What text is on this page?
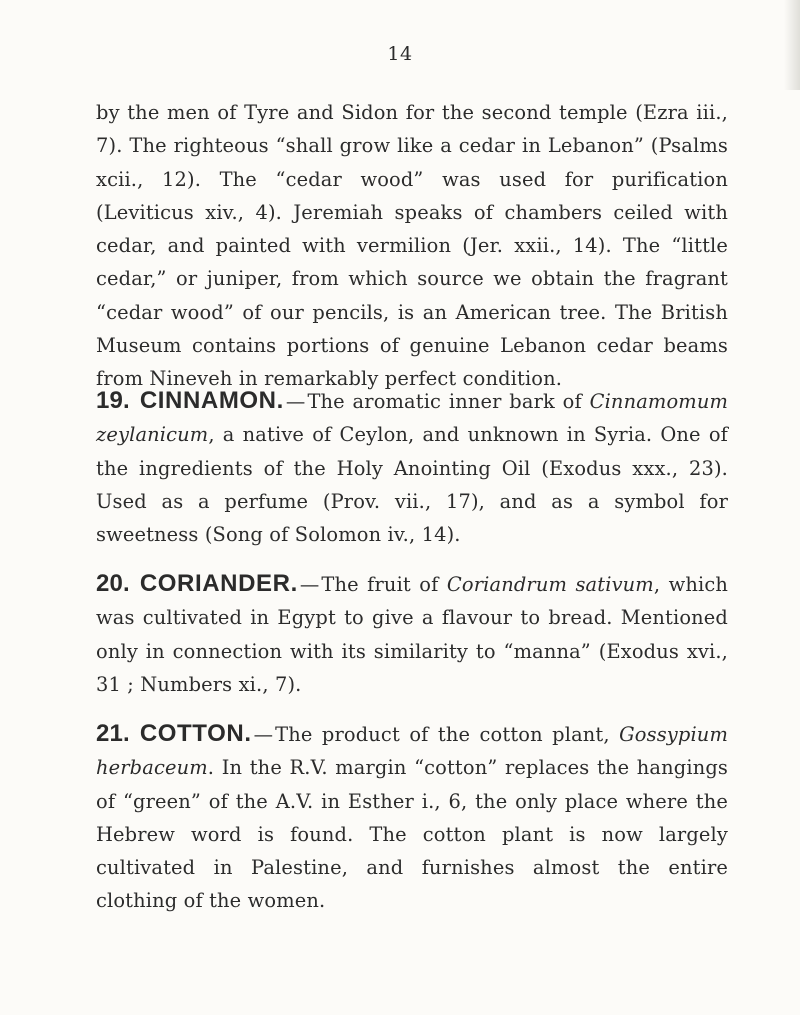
14

by the men of Tyre and Sidon for the second temple (Ezra iii., 7). The righteous “shall grow like a cedar in Lebanon” (Psalms xcii., 12). The “cedar wood” was used for purification (Leviticus xiv., 4). Jeremiah speaks of chambers ceiled with cedar, and painted with vermilion (Jer. xxii., 14). The “little cedar,” or juniper, from which source we obtain the fragrant “cedar wood” of our pencils, is an American tree. The British Museum contains portions of genuine Lebanon cedar beams from Nineveh in remarkably perfect condition.

19. CINNAMON. — The aromatic inner bark of Cinnamomum zeylanicum, a native of Ceylon, and unknown in Syria. One of the ingredients of the Holy Anointing Oil (Exodus xxx., 23). Used as a perfume (Prov. vii., 17), and as a symbol for sweetness (Song of Solomon iv., 14).

20. CORIANDER. — The fruit of Coriandrum sativum, which was cultivated in Egypt to give a flavour to bread. Mentioned only in connection with its similarity to “manna” (Exodus xvi., 31 ; Numbers xi., 7).

21. COTTON. — The product of the cotton plant, Gossypium herbaceum. In the R.V. margin “cotton” replaces the hangings of “green” of the A.V. in Esther i., 6, the only place where the Hebrew word is found. The cotton plant is now largely cultivated in Palestine, and furnishes almost the entire clothing of the women.
